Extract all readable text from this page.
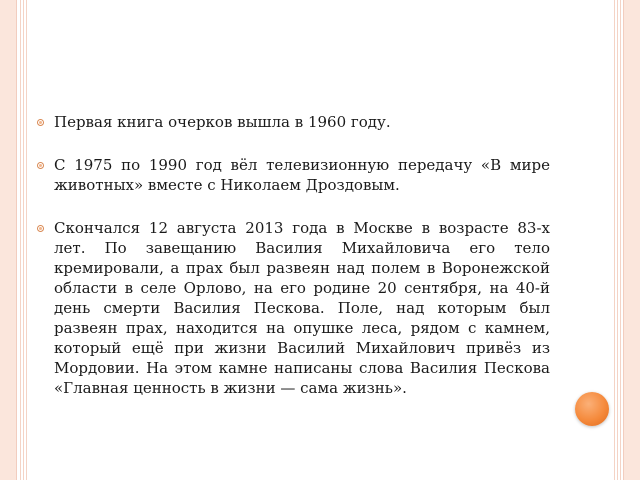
Первая книга очерков вышла в 1960 году.

С 1975 по 1990 год вёл телевизионную передачу «В мире животных» вместе с Николаем Дроздовым.

Скончался 12 августа 2013 года в Москве в возрасте 83-х лет. По завещанию Василия Михайловича его тело кремировали, а прах был развеян над полем в Воронежской области в селе Орлово, на его родине 20 сентября, на 40-й день смерти Василия Пескова. Поле, над которым был развеян прах, находится на опушке леса, рядом с камнем, который ещё при жизни Василий Михайлович привёз из Мордовии. На этом камне написаны слова Василия Пескова «Главная ценность в жизни — сама жизнь».
